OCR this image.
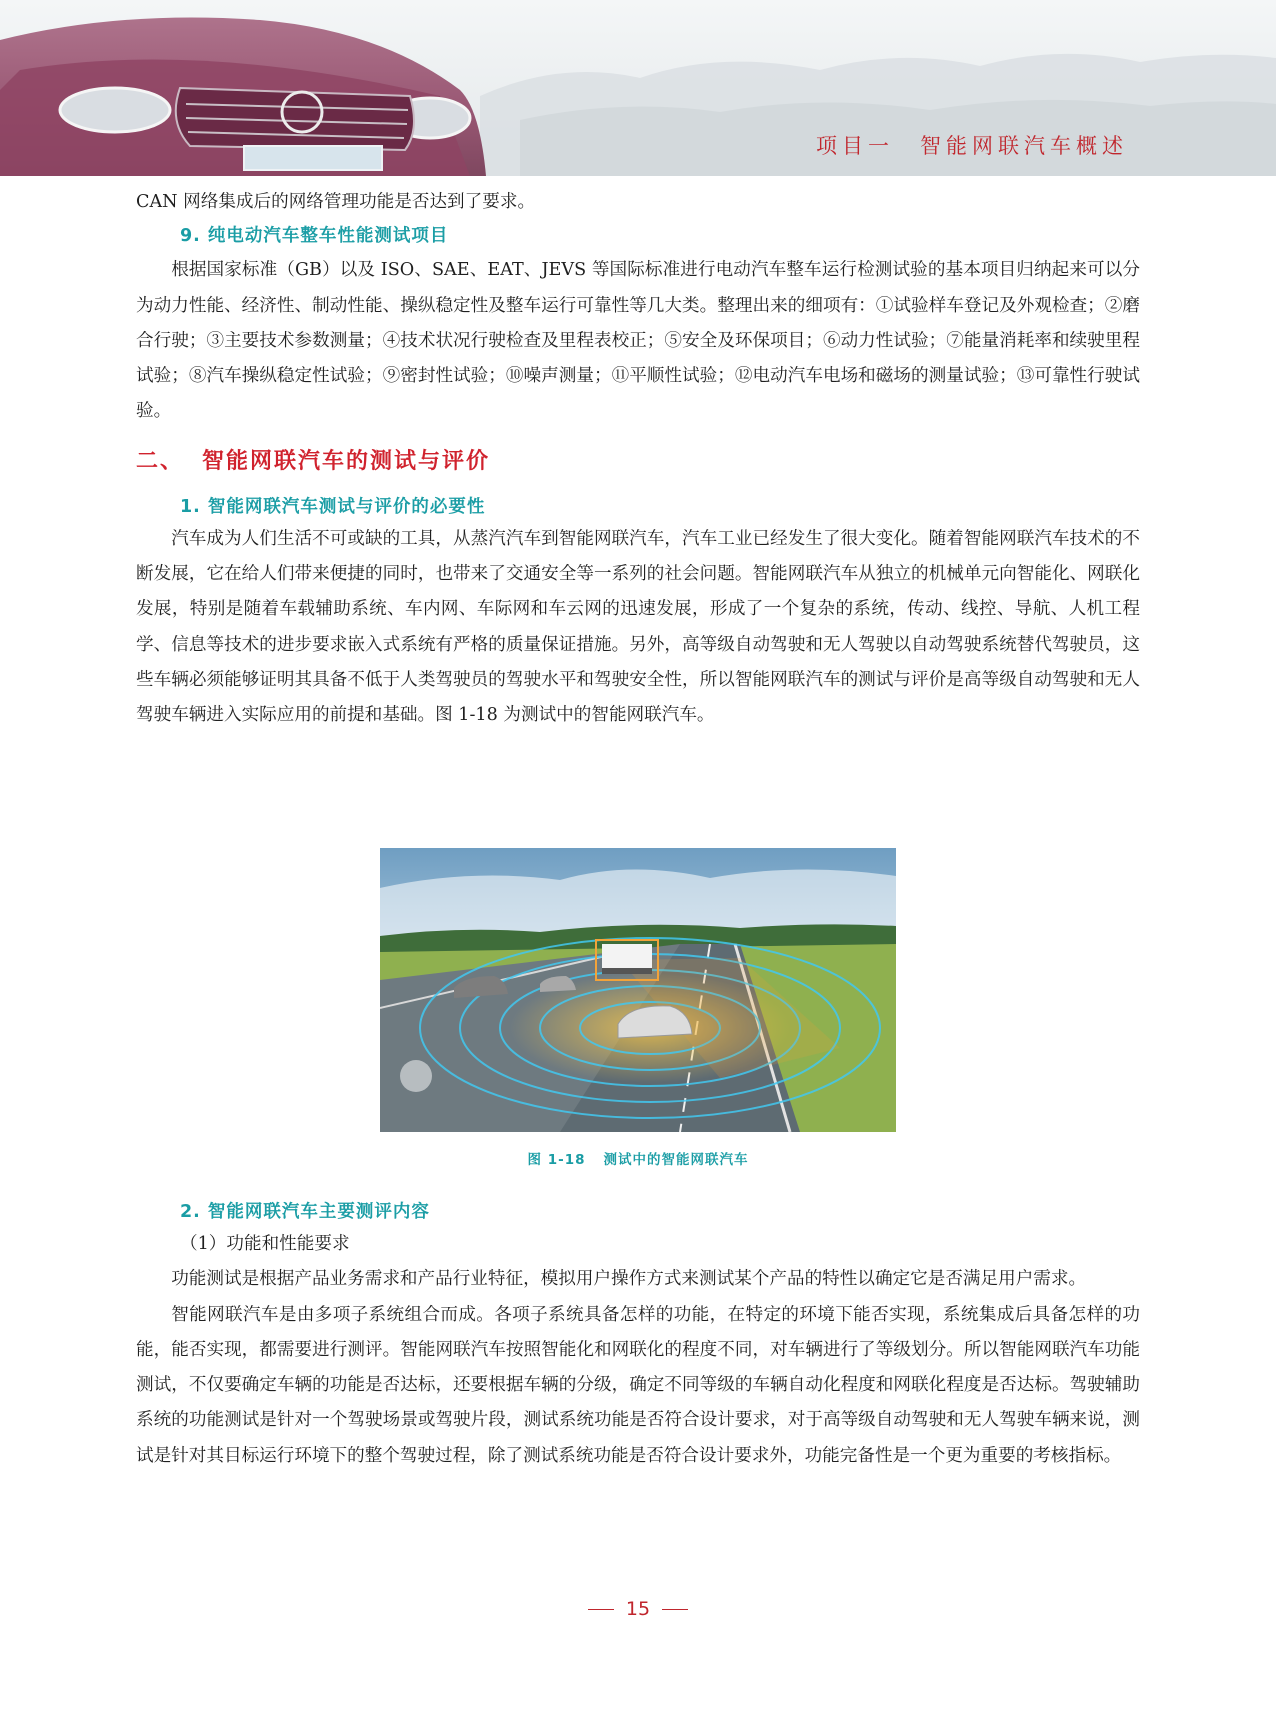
项目一　智能网联汽车概述

CAN 网络集成后的网络管理功能是否达到了要求。

9. 纯电动汽车整车性能测试项目

根据国家标准（GB）以及 ISO、SAE、EAT、JEVS 等国际标准进行电动汽车整车运行检测试验的基本项目归纳起来可以分为动力性能、经济性、制动性能、操纵稳定性及整车运行可靠性等几大类。整理出来的细项有：①试验样车登记及外观检查；②磨合行驶；③主要技术参数测量；④技术状况行驶检查及里程表校正；⑤安全及环保项目；⑥动力性试验；⑦能量消耗率和续驶里程试验；⑧汽车操纵稳定性试验；⑨密封性试验；⑩噪声测量；⑪平顺性试验；⑫电动汽车电场和磁场的测量试验；⑬可靠性行驶试验。

二、 智能网联汽车的测试与评价
1. 智能网联汽车测试与评价的必要性

汽车成为人们生活不可或缺的工具，从蒸汽汽车到智能网联汽车，汽车工业已经发生了很大变化。随着智能网联汽车技术的不断发展，它在给人们带来便捷的同时，也带来了交通安全等一系列的社会问题。智能网联汽车从独立的机械单元向智能化、网联化发展，特别是随着车载辅助系统、车内网、车际网和车云网的迅速发展，形成了一个复杂的系统，传动、线控、导航、人机工程学、信息等技术的进步要求嵌入式系统有严格的质量保证措施。另外，高等级自动驾驶和无人驾驶以自动驾驶系统替代驾驶员，这些车辆必须能够证明其具备不低于人类驾驶员的驾驶水平和驾驶安全性，所以智能网联汽车的测试与评价是高等级自动驾驶和无人驾驶车辆进入实际应用的前提和基础。图 1-18 为测试中的智能网联汽车。

图 1-18 测试中的智能网联汽车
2. 智能网联汽车主要测评内容

（1）功能和性能要求

功能测试是根据产品业务需求和产品行业特征，模拟用户操作方式来测试某个产品的特性以确定它是否满足用户需求。

智能网联汽车是由多项子系统组合而成。各项子系统具备怎样的功能，在特定的环境下能否实现，系统集成后具备怎样的功能，能否实现，都需要进行测评。智能网联汽车按照智能化和网联化的程度不同，对车辆进行了等级划分。所以智能网联汽车功能测试，不仅要确定车辆的功能是否达标，还要根据车辆的分级，确定不同等级的车辆自动化程度和网联化程度是否达标。驾驶辅助系统的功能测试是针对一个驾驶场景或驾驶片段，测试系统功能是否符合设计要求，对于高等级自动驾驶和无人驾驶车辆来说，测试是针对其目标运行环境下的整个驾驶过程，除了测试系统功能是否符合设计要求外，功能完备性是一个更为重要的考核指标。

15
